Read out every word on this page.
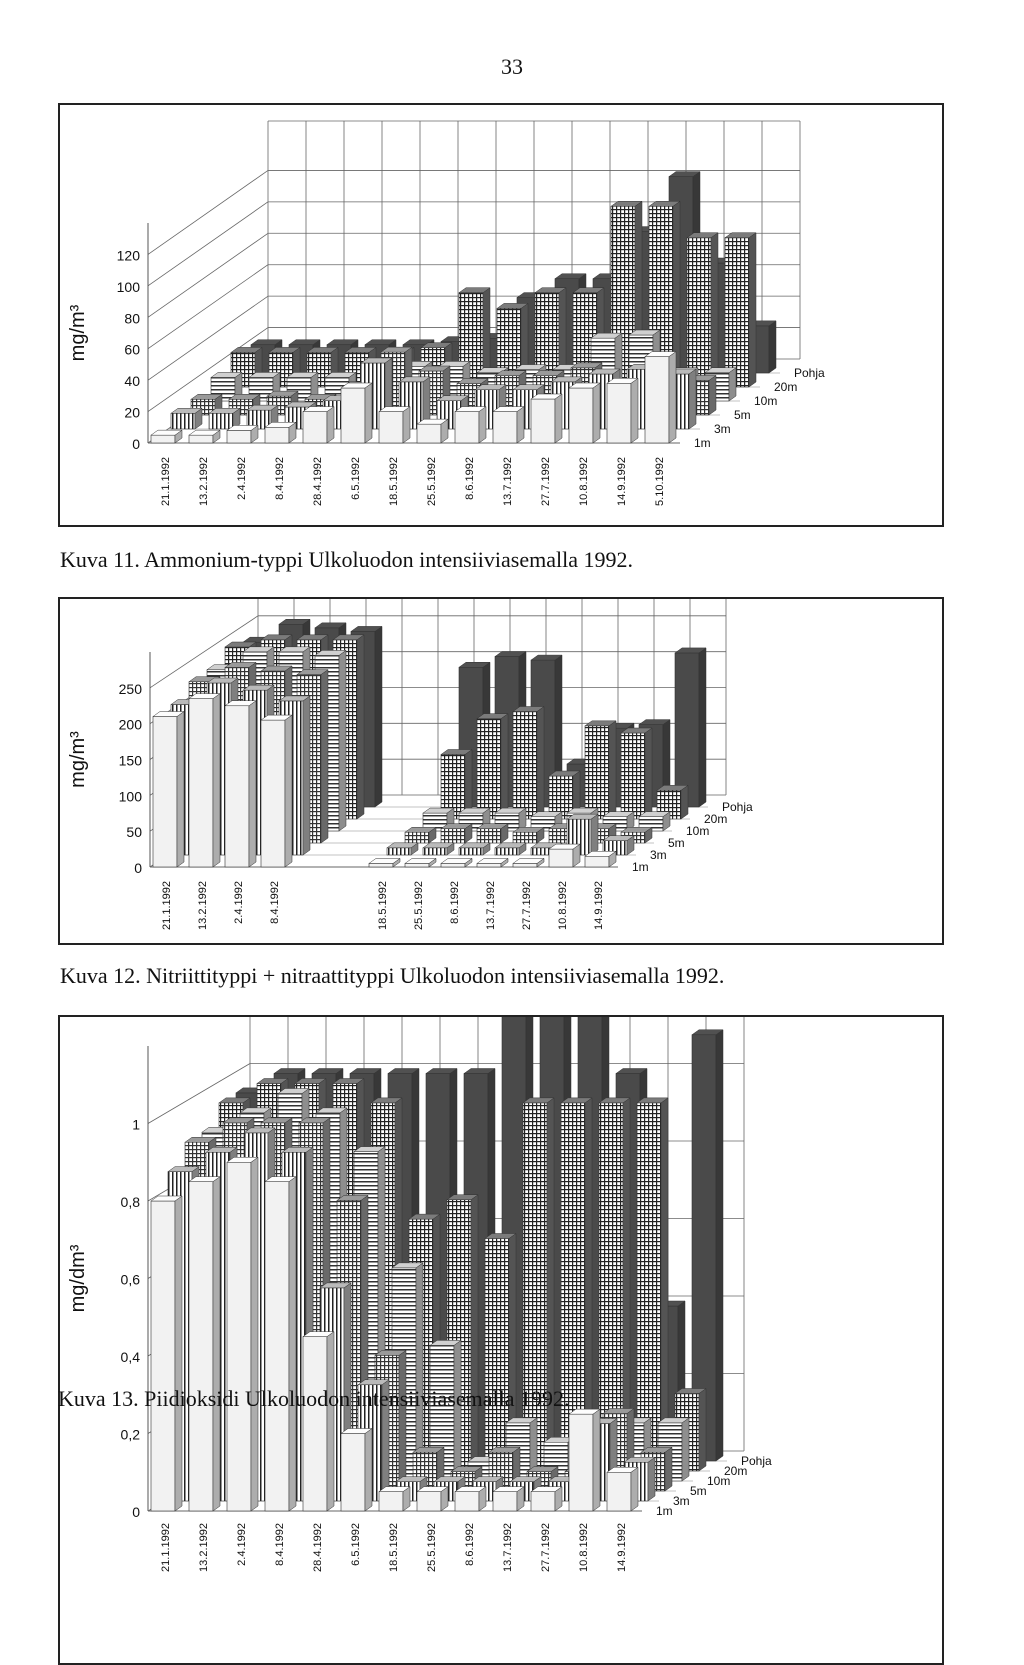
33
0
20
40
60
80
100
120
21.1.1992 13.2.1992 2.4.1992 8.4.1992 28.4.1992 6.5.1992 18.5.1992 25.5.1992 8.6.1992 13.7.1992 27.7.1992 10.8.1992 14.9.1992 5.10.1992
mg/m³
1m
3m
5m
10m
20m
Pohja
Kuva 11. Ammonium-typpi Ulkoluodon intensiiviasemalla 1992.
0
50
100
150
200
250
21.1.1992 13.2.1992 2.4.1992 8.4.1992	18.5.1992 25.5.1992 8.6.1992 13.7.1992 27.7.1992 10.8.1992 14.9.1992
mg/m³
1m
3m
5m
10m
20m
Pohja
Kuva 12. Nitriittityppi + nitraattityppi Ulkoluodon intensiiviasemalla 1992.
0
0,2
0,4
0,6
0,8
1
21.1.1992 13.2.1992 2.4.1992 8.4.1992 28.4.1992 6.5.1992 18.5.1992 25.5.1992 8.6.1992 13.7.1992 27.7.1992 10.8.1992 14.9.1992
mg/dm³
1m
3m
5m
10m
20m
Pohja
Kuva 13. Piidioksidi Ulkoluodon intensiiviasemalla 1992.
